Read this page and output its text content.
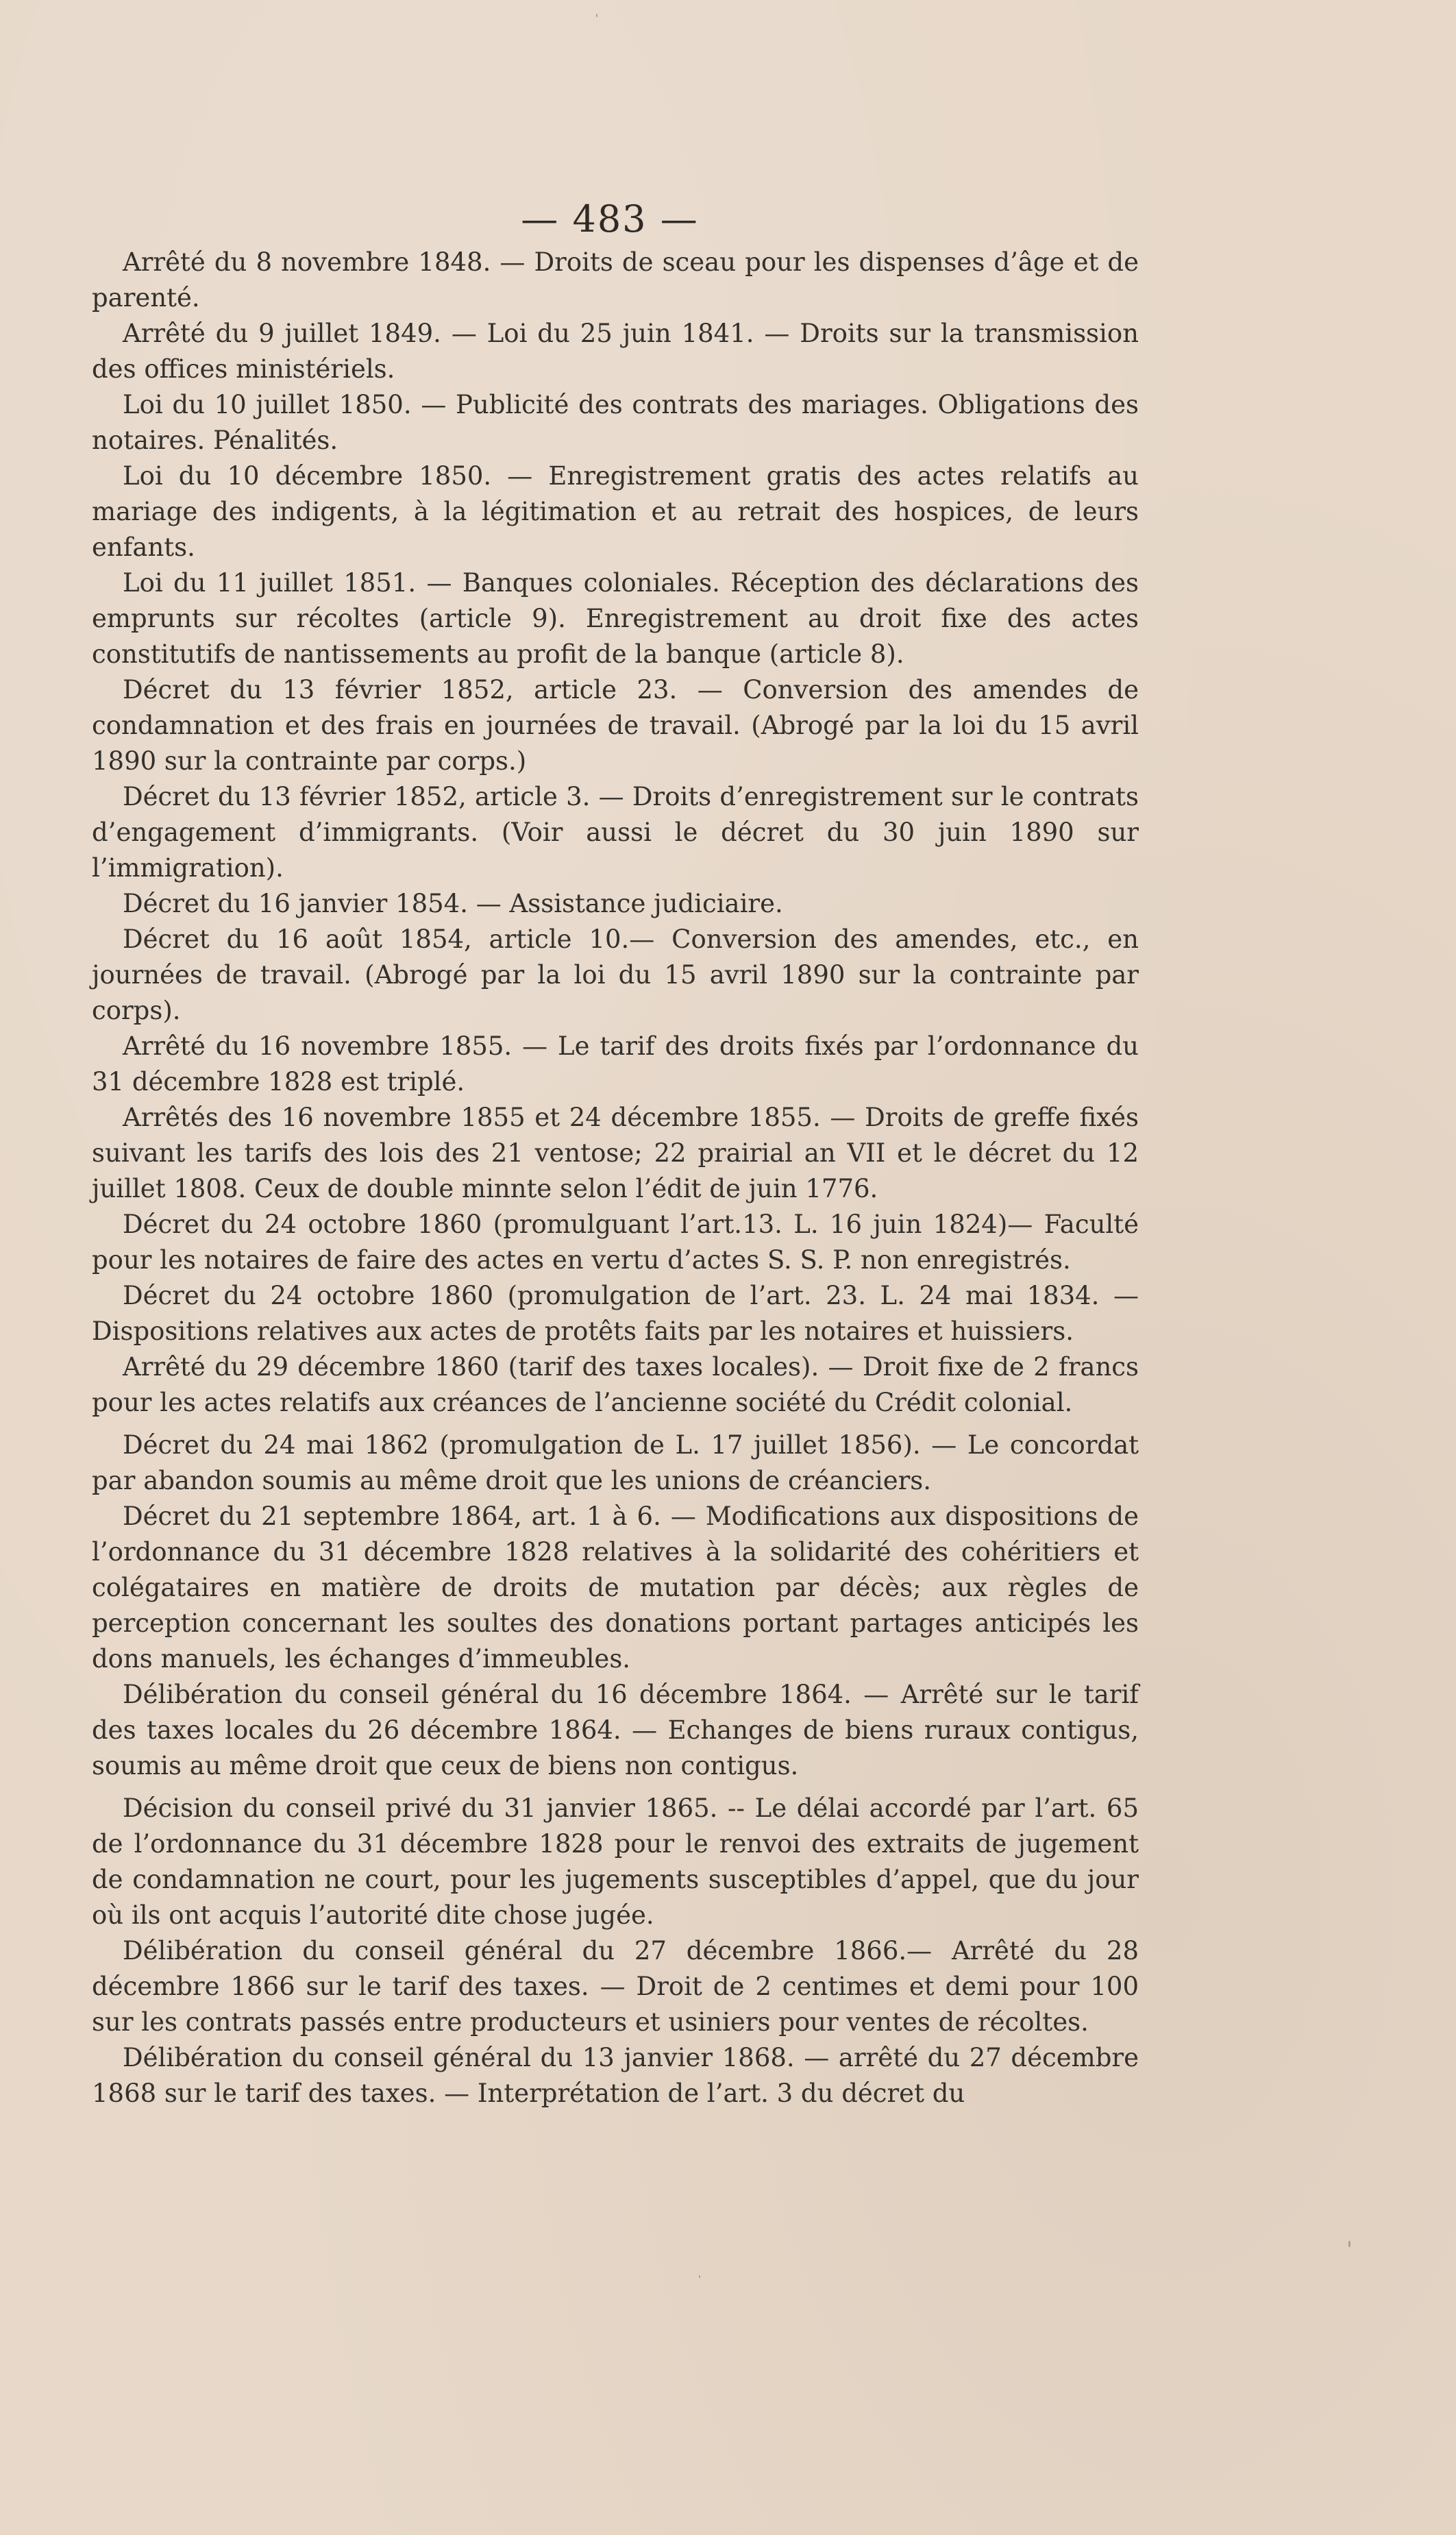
— 483 —

Arrêté du 8 novembre 1848. — Droits de sceau pour les dispenses d’âge et de parenté.

Arrêté du 9 juillet 1849. — Loi du 25 juin 1841. — Droits sur la transmission des offices ministériels.

Loi du 10 juillet 1850. — Publicité des contrats des mariages. Obligations des notaires. Pénalités.

Loi du 10 décembre 1850. — Enregistrement gratis des actes relatifs au mariage des indigents, à la légitimation et au retrait des hospices, de leurs enfants.

Loi du 11 juillet 1851. — Banques coloniales. Réception des déclarations des emprunts sur récoltes (article 9). Enregistrement au droit fixe des actes constitutifs de nantissements au profit de la banque (article 8).

Décret du 13 février 1852, article 23. — Conversion des amendes de condamnation et des frais en journées de travail. (Abrogé par la loi du 15 avril 1890 sur la contrainte par corps.)

Décret du 13 février 1852, article 3. — Droits d’enregistrement sur le contrats d’engagement d’immigrants. (Voir aussi le décret du 30 juin 1890 sur l’immigration).

Décret du 16 janvier 1854. — Assistance judiciaire.

Décret du 16 août 1854, article 10.— Conversion des amendes, etc., en journées de travail. (Abrogé par la loi du 15 avril 1890 sur la contrainte par corps).

Arrêté du 16 novembre 1855. — Le tarif des droits fixés par l’ordonnance du 31 décembre 1828 est triplé.

Arrêtés des 16 novembre 1855 et 24 décembre 1855. — Droits de greffe fixés suivant les tarifs des lois des 21 ventose; 22 prairial an VII et le décret du 12 juillet 1808. Ceux de double minnte selon l’édit de juin 1776.

Décret du 24 octobre 1860 (promulguant l’art.13. L. 16 juin 1824)— Faculté pour les notaires de faire des actes en vertu d’actes S. S. P. non enregistrés.

Décret du 24 octobre 1860 (promulgation de l’art. 23. L. 24 mai 1834. — Dispositions relatives aux actes de protêts faits par les notaires et huissiers.

Arrêté du 29 décembre 1860 (tarif des taxes locales). — Droit fixe de 2 francs pour les actes relatifs aux créances de l’ancienne société du Crédit colonial.

Décret du 24 mai 1862 (promulgation de L. 17 juillet 1856). — Le concordat par abandon soumis au même droit que les unions de créanciers.

Décret du 21 septembre 1864, art. 1 à 6. — Modifications aux dispositions de l’ordonnance du 31 décembre 1828 relatives à la solidarité des cohéritiers et colégataires en matière de droits de mutation par décès; aux règles de perception concernant les soultes des donations portant partages anticipés les dons manuels, les échanges d’immeubles.

Délibération du conseil général du 16 décembre 1864. — Arrêté sur le tarif des taxes locales du 26 décembre 1864. — Echanges de biens ruraux contigus, soumis au même droit que ceux de biens non contigus.

Décision du conseil privé du 31 janvier 1865. -- Le délai accordé par l’art. 65 de l’ordonnance du 31 décembre 1828 pour le renvoi des extraits de jugement de condamnation ne court, pour les jugements susceptibles d’appel, que du jour où ils ont acquis l’autorité dite chose jugée.

Délibération du conseil général du 27 décembre 1866.— Arrêté du 28 décembre 1866 sur le tarif des taxes. — Droit de 2 centimes et demi pour 100 sur les contrats passés entre producteurs et usiniers pour ventes de récoltes.

Délibération du conseil général du 13 janvier 1868. — arrêté du 27 décembre 1868 sur le tarif des taxes. — Interprétation de l’art. 3 du décret du
